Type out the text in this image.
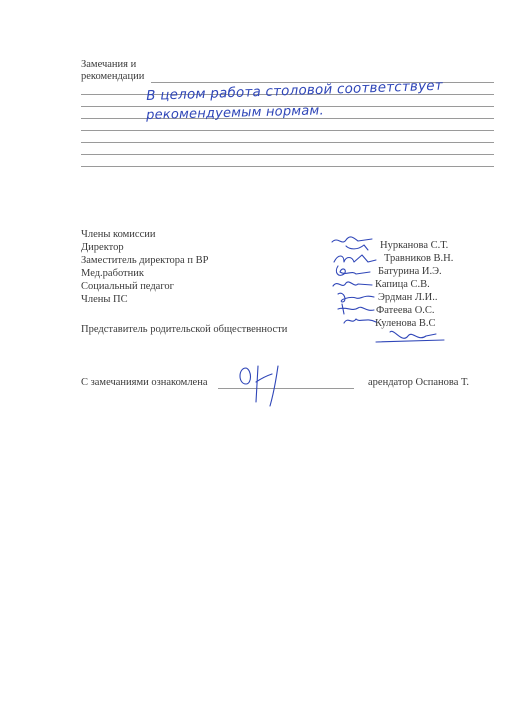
Замечания и
рекомендации
В целом работа столовой соответствует
рекомендуемым нормам.
Члены комиссии
Директор
Заместитель директора п ВР
Мед.работник
Социальный педагог
Члены ПС
Нурканова С.Т.
Травников В.Н.
Батурина И.Э.
Капица С.В.
Эрдман Л.И..
Фатеева О.С.
Куленова В.С
Представитель родительской общественности
С замечаниями ознакомлена	арендатор Оспанова Т.
